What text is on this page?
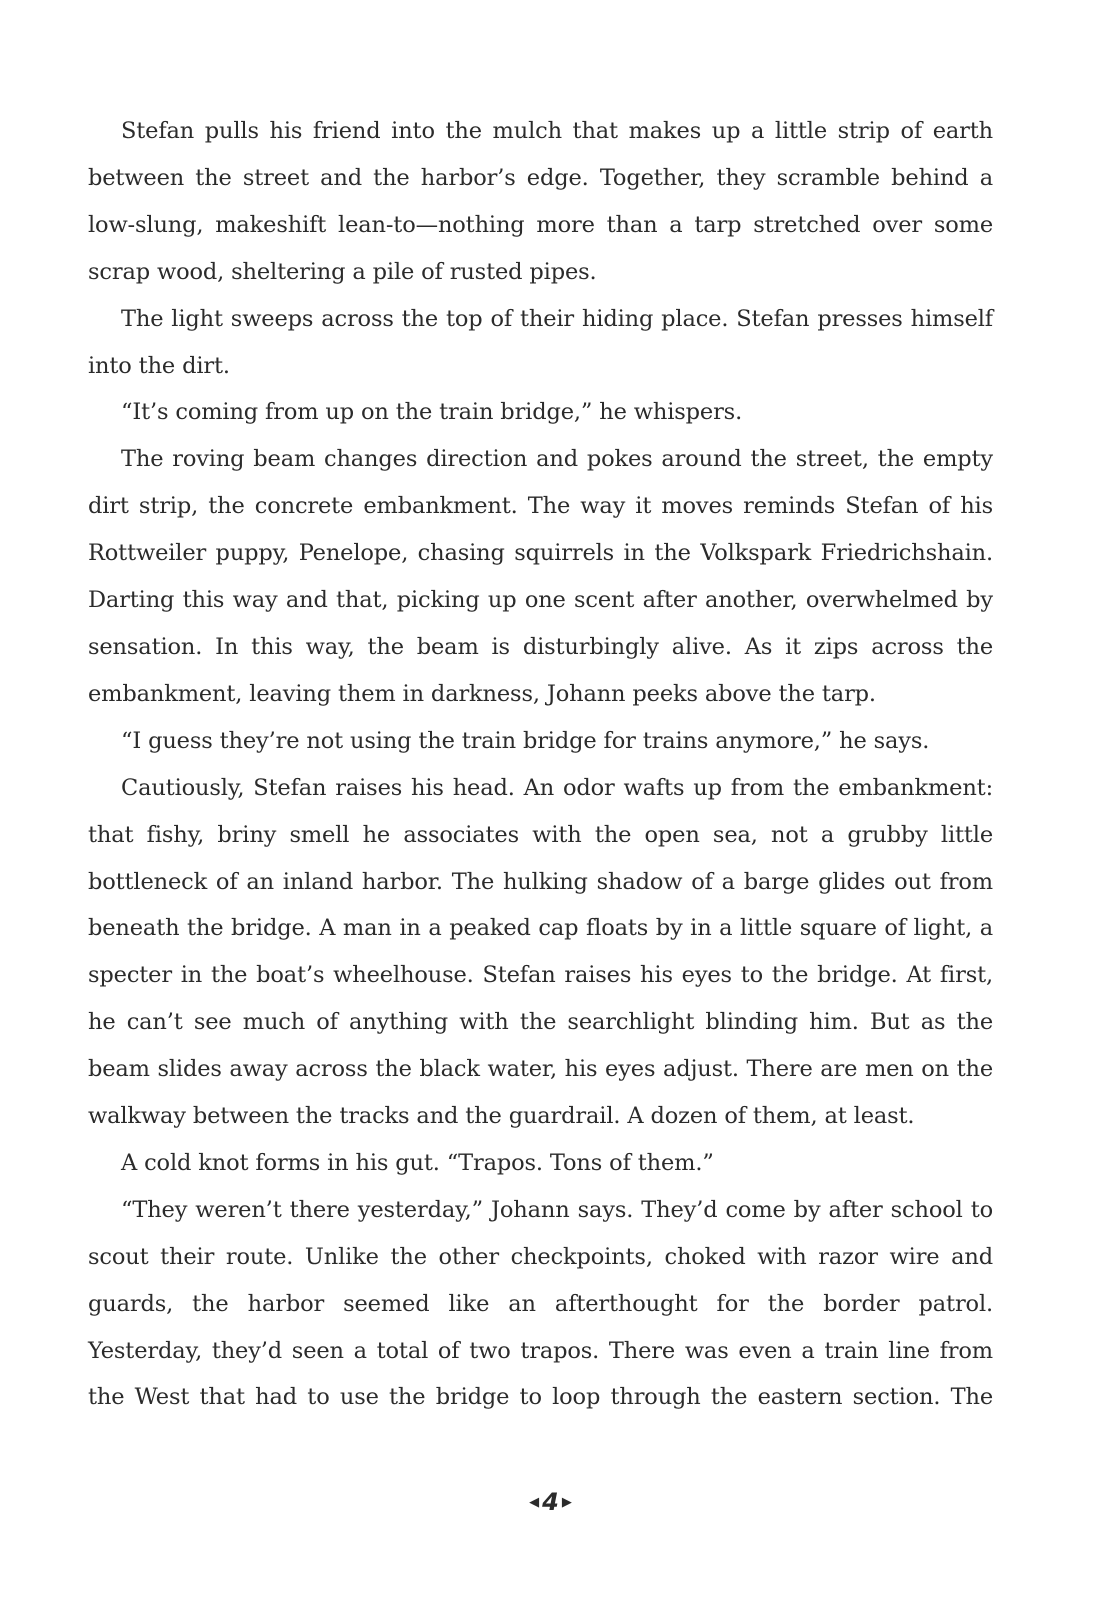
Stefan pulls his friend into the mulch that makes up a little strip of earth between the street and the harbor’s edge. Together, they scramble behind a low-slung, makeshift lean-to—nothing more than a tarp stretched over some scrap wood, sheltering a pile of rusted pipes.

The light sweeps across the top of their hiding place. Stefan presses himself into the dirt.

“It’s coming from up on the train bridge,” he whispers.

The roving beam changes direction and pokes around the street, the empty dirt strip, the concrete embankment. The way it moves reminds Stefan of his Rottweiler puppy, Penelope, chasing squirrels in the Volkspark Friedrichshain. Darting this way and that, picking up one scent after another, overwhelmed by sensation. In this way, the beam is disturbingly alive. As it zips across the embankment, leaving them in darkness, Johann peeks above the tarp.

“I guess they’re not using the train bridge for trains anymore,” he says.

Cautiously, Stefan raises his head. An odor wafts up from the embankment: that fishy, briny smell he associates with the open sea, not a grubby little bottleneck of an inland harbor. The hulking shadow of a barge glides out from beneath the bridge. A man in a peaked cap floats by in a little square of light, a specter in the boat’s wheelhouse. Stefan raises his eyes to the bridge. At first, he can’t see much of anything with the searchlight blinding him. But as the beam slides away across the black water, his eyes adjust. There are men on the walkway between the tracks and the guardrail. A dozen of them, at least.

A cold knot forms in his gut. “Trapos. Tons of them.”

“They weren’t there yesterday,” Johann says. They’d come by after school to scout their route. Unlike the other checkpoints, choked with razor wire and guards, the harbor seemed like an afterthought for the border patrol. Yesterday, they’d seen a total of two trapos. There was even a train line from the West that had to use the bridge to loop through the eastern section. The

◀ 4 ▶
